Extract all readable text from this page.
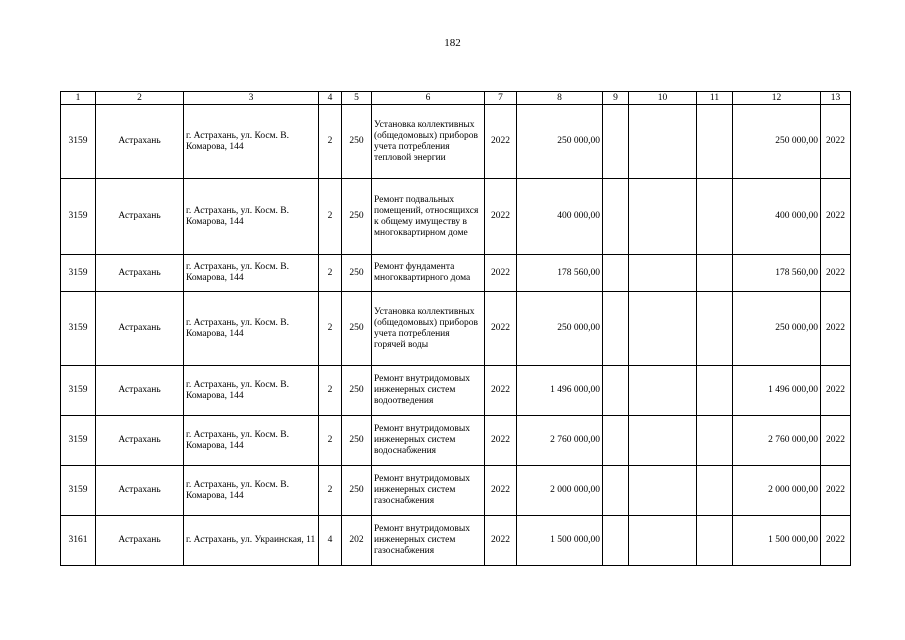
182
1	2	3	4	5	6	7	8	9	10	11	12	13
3159	Астрахань	г. Астрахань, ул. Косм. В. Комарова, 144	2	250	Установка коллективных (общедомовых) приборов учета потребления тепловой энергии	2022	250 000,00				250 000,00	2022
3159	Астрахань	г. Астрахань, ул. Косм. В. Комарова, 144	2	250	Ремонт подвальных помещений, относящихся к общему имуществу в многоквартирном доме	2022	400 000,00				400 000,00	2022
3159	Астрахань	г. Астрахань, ул. Косм. В. Комарова, 144	2	250	Ремонт фундамента многоквартирного дома	2022	178 560,00				178 560,00	2022
3159	Астрахань	г. Астрахань, ул. Косм. В. Комарова, 144	2	250	Установка коллективных (общедомовых) приборов учета потребления горячей воды	2022	250 000,00				250 000,00	2022
3159	Астрахань	г. Астрахань, ул. Косм. В. Комарова, 144	2	250	Ремонт внутридомовых инженерных систем водоотведения	2022	1 496 000,00				1 496 000,00	2022
3159	Астрахань	г. Астрахань, ул. Косм. В. Комарова, 144	2	250	Ремонт внутридомовых инженерных систем водоснабжения	2022	2 760 000,00				2 760 000,00	2022
3159	Астрахань	г. Астрахань, ул. Косм. В. Комарова, 144	2	250	Ремонт внутридомовых инженерных систем газоснабжения	2022	2 000 000,00				2 000 000,00	2022
3161	Астрахань	г. Астрахань, ул. Украинская, 11	4	202	Ремонт внутридомовых инженерных систем газоснабжения	2022	1 500 000,00				1 500 000,00	2022
